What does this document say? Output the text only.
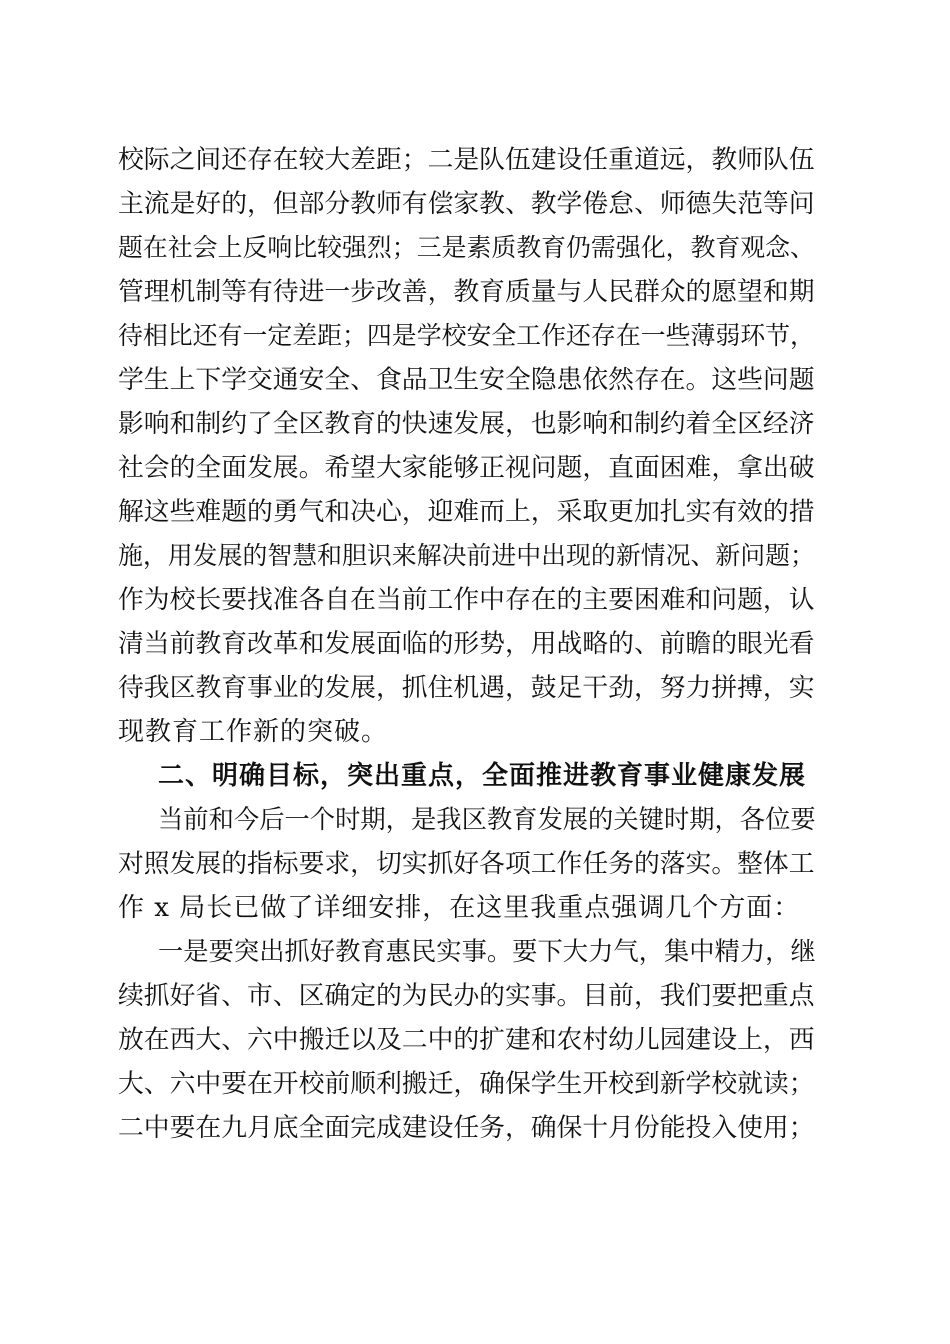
校际之间还存在较大差距；二是队伍建设任重道远，教师队伍
主流是好的，但部分教师有偿家教、教学倦怠、师德失范等问
题在社会上反响比较强烈；三是素质教育仍需强化，教育观念、
管理机制等有待进一步改善，教育质量与人民群众的愿望和期
待相比还有一定差距；四是学校安全工作还存在一些薄弱环节，
学生上下学交通安全、食品卫生安全隐患依然存在。这些问题
影响和制约了全区教育的快速发展，也影响和制约着全区经济
社会的全面发展。希望大家能够正视问题，直面困难，拿出破
解这些难题的勇气和决心，迎难而上，采取更加扎实有效的措
施，用发展的智慧和胆识来解决前进中出现的新情况、新问题；
作为校长要找准各自在当前工作中存在的主要困难和问题，认
清当前教育改革和发展面临的形势，用战略的、前瞻的眼光看
待我区教育事业的发展，抓住机遇，鼓足干劲，努力拼搏，实
现教育工作新的突破。
二、明确目标，突出重点，全面推进教育事业健康发展
当前和今后一个时期，是我区教育发展的关键时期，各位要
对照发展的指标要求，切实抓好各项工作任务的落实。整体工
作 x 局长已做了详细安排，在这里我重点强调几个方面：
一是要突出抓好教育惠民实事。要下大力气，集中精力，继
续抓好省、市、区确定的为民办的实事。目前，我们要把重点
放在西大、六中搬迁以及二中的扩建和农村幼儿园建设上，西
大、六中要在开校前顺利搬迁，确保学生开校到新学校就读；
二中要在九月底全面完成建设任务，确保十月份能投入使用；
